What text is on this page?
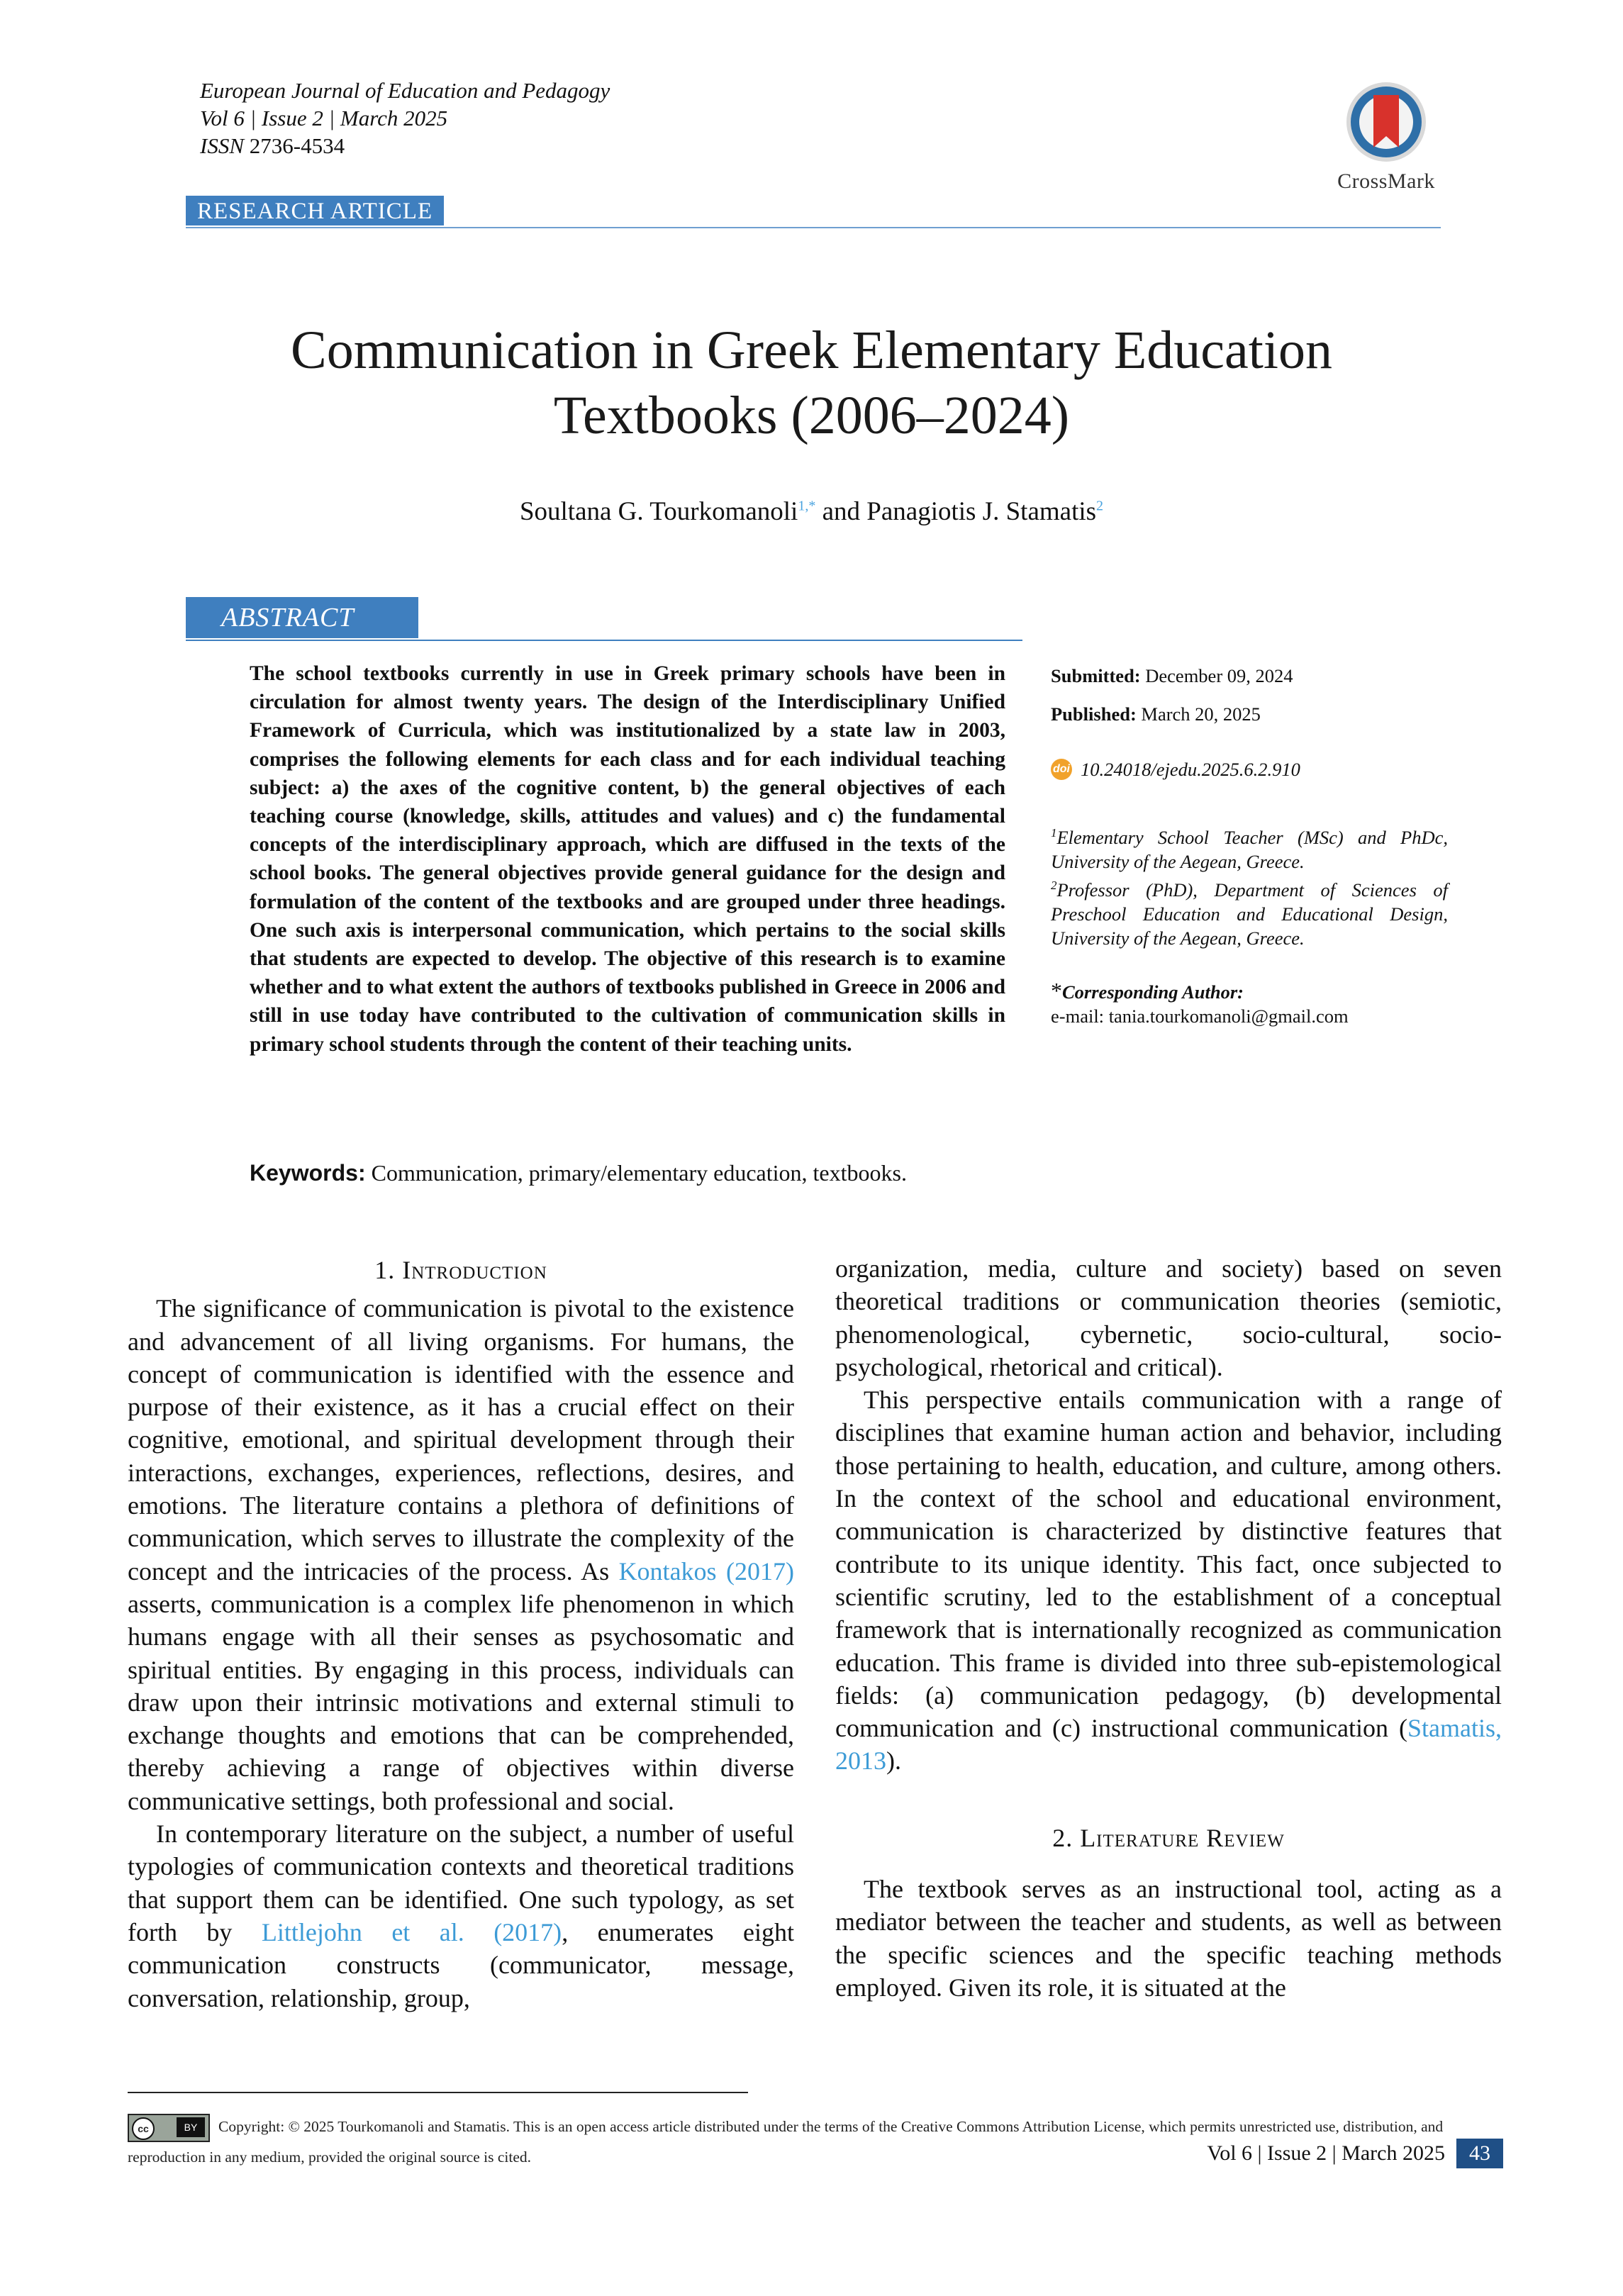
European Journal of Education and Pedagogy
Vol 6 | Issue 2 | March 2025
ISSN 2736-4534
CrossMark
RESEARCH ARTICLE
Communication in Greek Elementary Education
Textbooks (2006–2024)
Soultana G. Tourkomanoli$^{1,*}$ and Panagiotis J. Stamatis$^2$
ABSTRACT
The school textbooks currently in use in Greek primary schools have been in circulation for almost twenty years. The design of the Interdisciplinary Unified Framework of Curricula, which was institutionalized by a state law in 2003, comprises the following elements for each class and for each individual teaching subject: a) the axes of the cognitive content, b) the general objectives of each teaching course (knowledge, skills, attitudes and values) and c) the fundamental concepts of the interdisciplinary approach, which are diffused in the texts of the school books. The general objectives provide general guidance for the design and formulation of the content of the textbooks and are grouped under three headings. One such axis is interpersonal communication, which pertains to the social skills that students are expected to develop. The objective of this research is to examine whether and to what extent the authors of textbooks published in Greece in 2006 and still in use today have contributed to the cultivation of communication skills in primary school students through the content of their teaching units.
Keywords: Communication, primary/elementary education, textbooks.
Submitted: December 09, 2024
Published: March 20, 2025
doi 10.24018/ejedu.2025.6.2.910
$^1$Elementary School Teacher (MSc) and PhDc, University of the Aegean, Greece.
$^2$Professor (PhD), Department of Sciences of Preschool Education and Educational Design, University of the Aegean, Greece.
*Corresponding Author:
e-mail: tania.tourkomanoli@gmail.com

1. Introduction

The significance of communication is pivotal to the existence and advancement of all living organisms. For humans, the concept of communication is identified with the essence and purpose of their existence, as it has a crucial effect on their cognitive, emotional, and spiritual development through their interactions, exchanges, experiences, reflections, desires, and emotions. The literature contains a plethora of definitions of communication, which serves to illustrate the complexity of the concept and the intricacies of the process. As Kontakos (2017) asserts, communication is a complex life phenomenon in which humans engage with all their senses as psychosomatic and spiritual entities. By engaging in this process, individuals can draw upon their intrinsic motivations and external stimuli to exchange thoughts and emotions that can be comprehended, thereby achieving a range of objectives within diverse communicative settings, both professional and social.

In contemporary literature on the subject, a number of useful typologies of communication contexts and theoretical traditions that support them can be identified. One such typology, as set forth by Littlejohn et al. (2017), enumerates eight communication constructs (communicator, message, conversation, relationship, group,

organization, media, culture and society) based on seven theoretical traditions or communication theories (semiotic, phenomenological, cybernetic, socio-cultural, socio-psychological, rhetorical and critical).

This perspective entails communication with a range of disciplines that examine human action and behavior, including those pertaining to health, education, and culture, among others. In the context of the school and educational environment, communication is characterized by distinctive features that contribute to its unique identity. This fact, once subjected to scientific scrutiny, led to the establishment of a conceptual framework that is internationally recognized as communication education. This frame is divided into three sub-epistemological fields: (a) communication pedagogy, (b) developmental communication and (c) instructional communication (Stamatis, 2013).

2. Literature Review

The textbook serves as an instructional tool, acting as a mediator between the teacher and students, as well as between the specific sciences and the specific teaching methods employed. Given its role, it is situated at the

cc	BY	Copyright: © 2025 Tourkomanoli and Stamatis. This is an open access article distributed under the terms of the Creative Commons Attribution License, which permits unrestricted use, distribution, and reproduction in any medium, provided the original source is cited.	Vol 6 | Issue 2 | March 2025	43
